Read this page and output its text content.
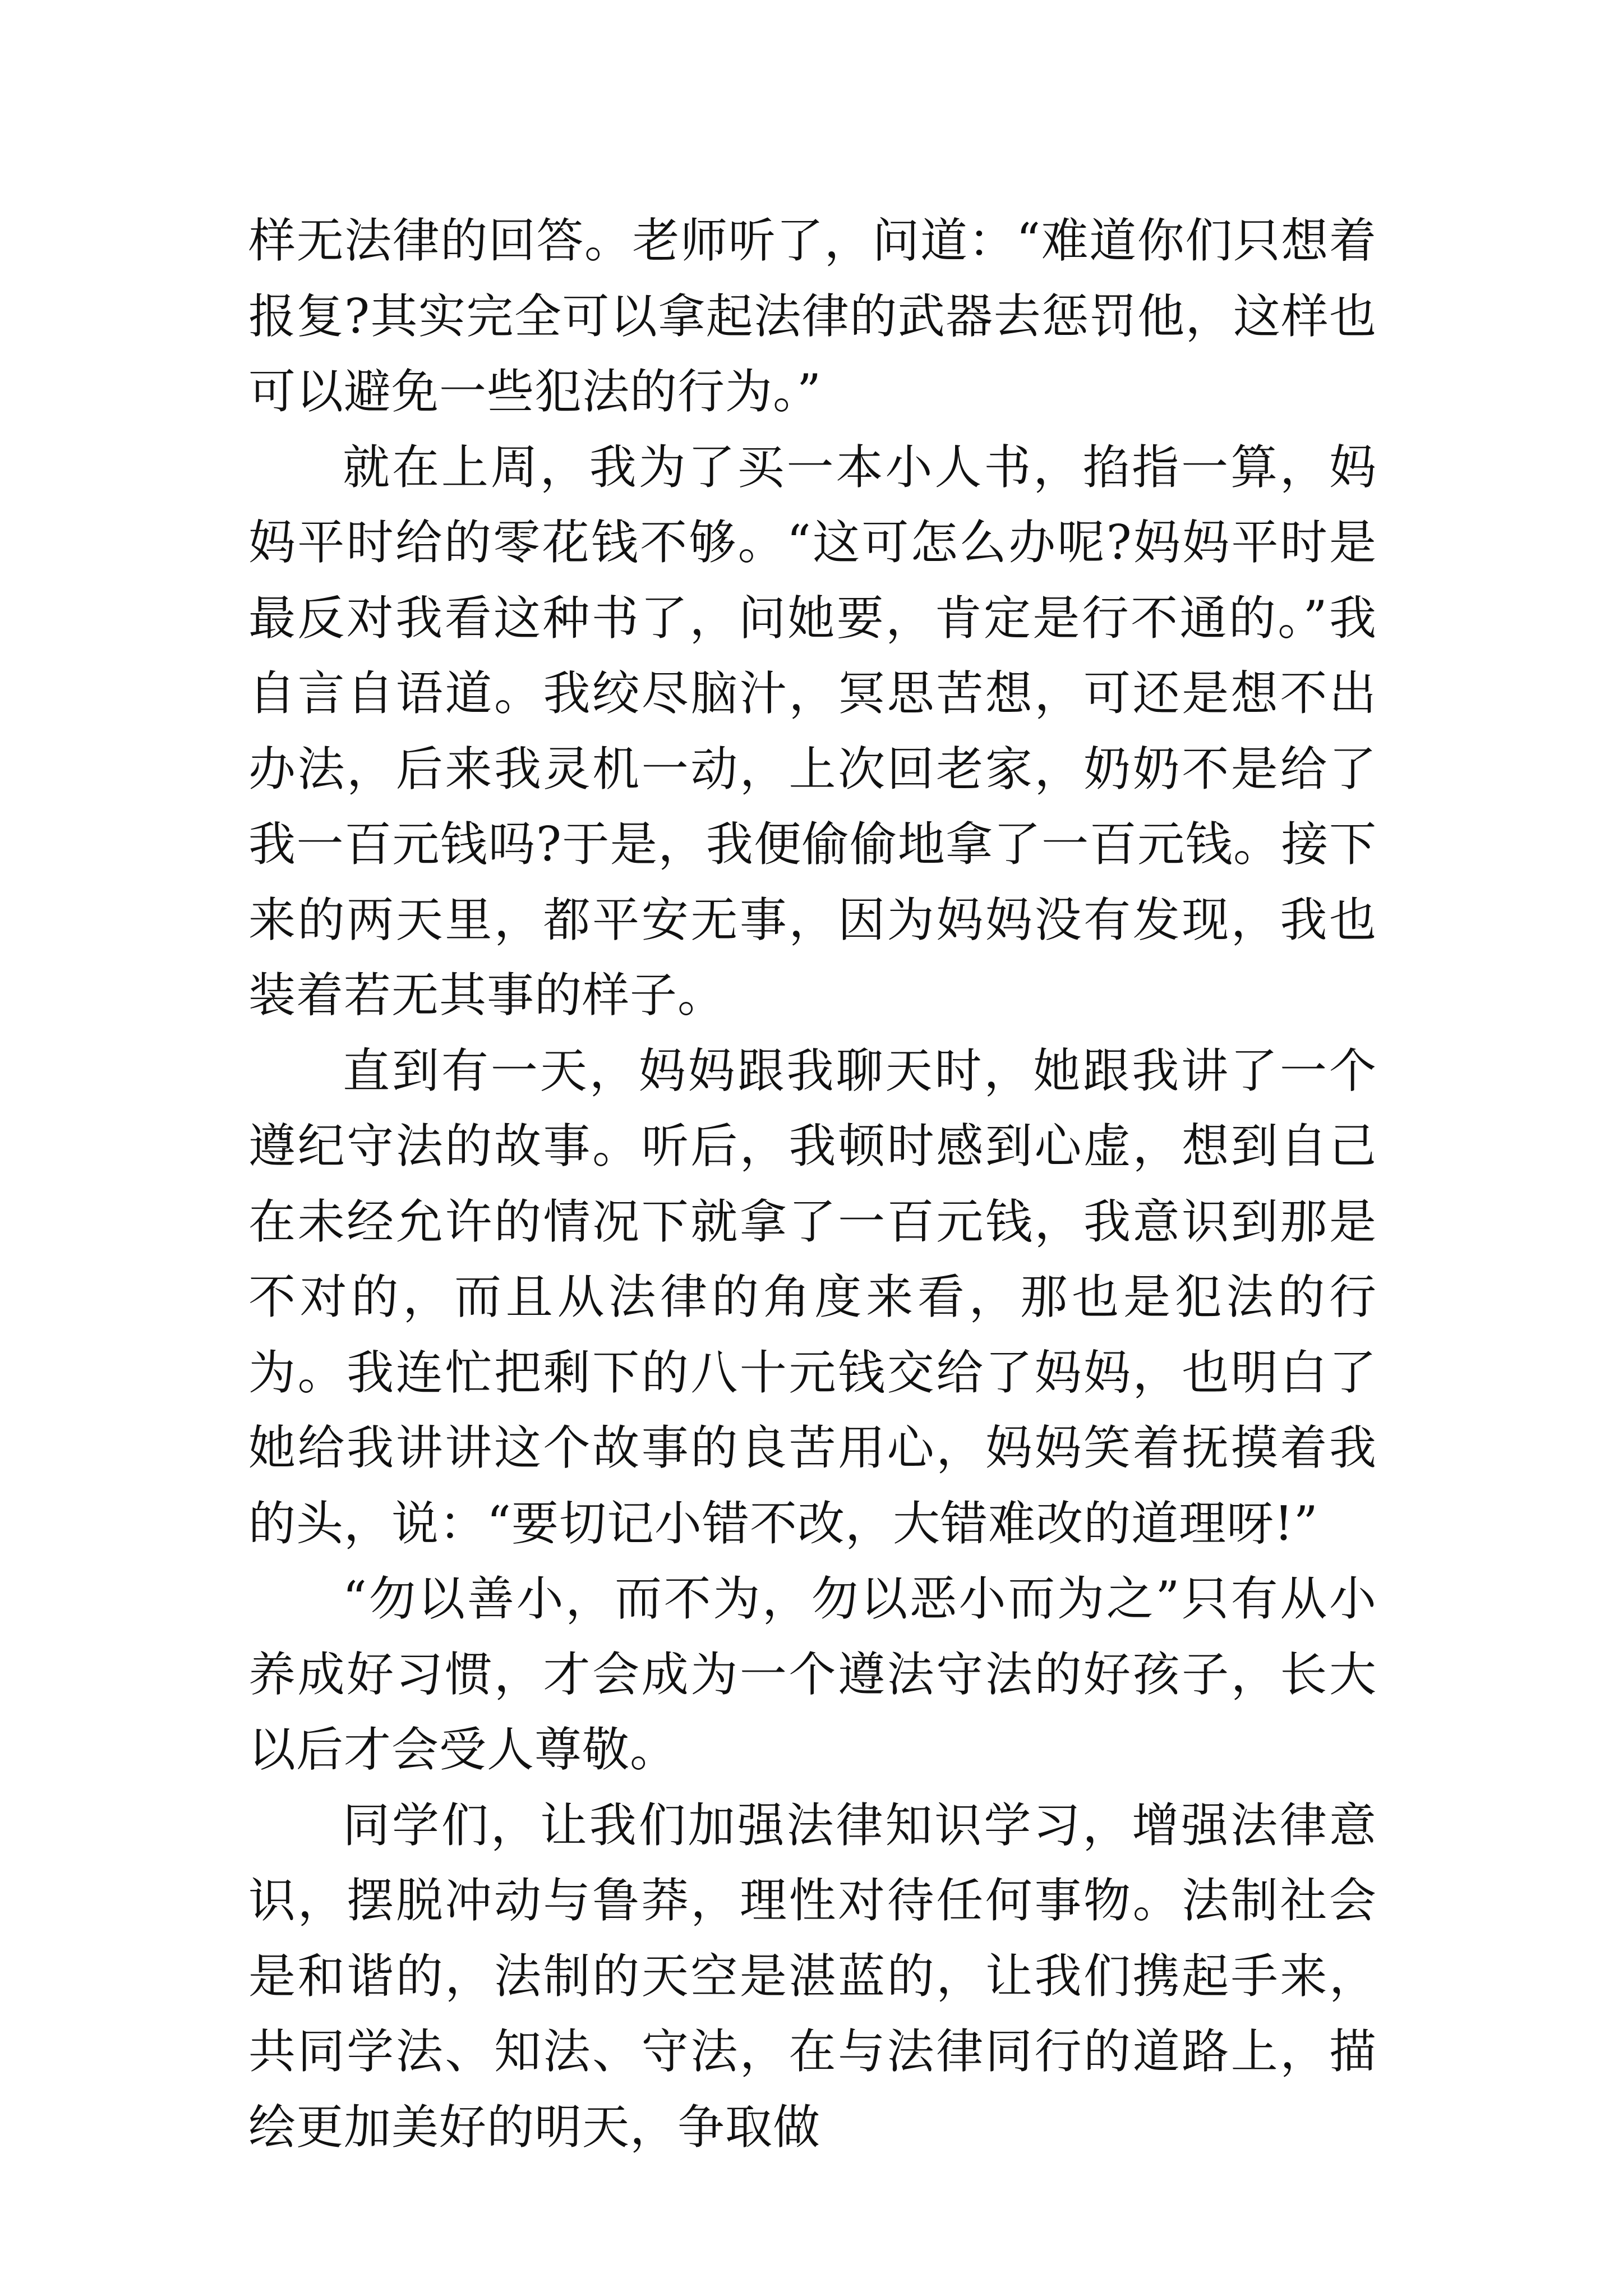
样无法律的回答。老师听了，问道：“难道你们只想着报复?其实完全可以拿起法律的武器去惩罚他，这样也可以避免一些犯法的行为。”

就在上周，我为了买一本小人书，掐指一算，妈妈平时给的零花钱不够。“这可怎么办呢?妈妈平时是最反对我看这种书了，问她要，肯定是行不通的。”我自言自语道。我绞尽脑汁，冥思苦想，可还是想不出办法，后来我灵机一动，上次回老家，奶奶不是给了我一百元钱吗?于是，我便偷偷地拿了一百元钱。接下来的两天里，都平安无事，因为妈妈没有发现，我也装着若无其事的样子。

直到有一天，妈妈跟我聊天时，她跟我讲了一个遵纪守法的故事。听后，我顿时感到心虚，想到自己在未经允许的情况下就拿了一百元钱，我意识到那是不对的，而且从法律的角度来看，那也是犯法的行为。我连忙把剩下的八十元钱交给了妈妈，也明白了她给我讲讲这个故事的良苦用心，妈妈笑着抚摸着我的头，说：“要切记小错不改，大错难改的道理呀!”

“勿以善小，而不为，勿以恶小而为之”只有从小养成好习惯，才会成为一个遵法守法的好孩子，长大以后才会受人尊敬。

同学们，让我们加强法律知识学习，增强法律意识，摆脱冲动与鲁莽，理性对待任何事物。法制社会是和谐的，法制的天空是湛蓝的，让我们携起手来，共同学法、知法、守法，在与法律同行的道路上，描绘更加美好的明天，争取做
